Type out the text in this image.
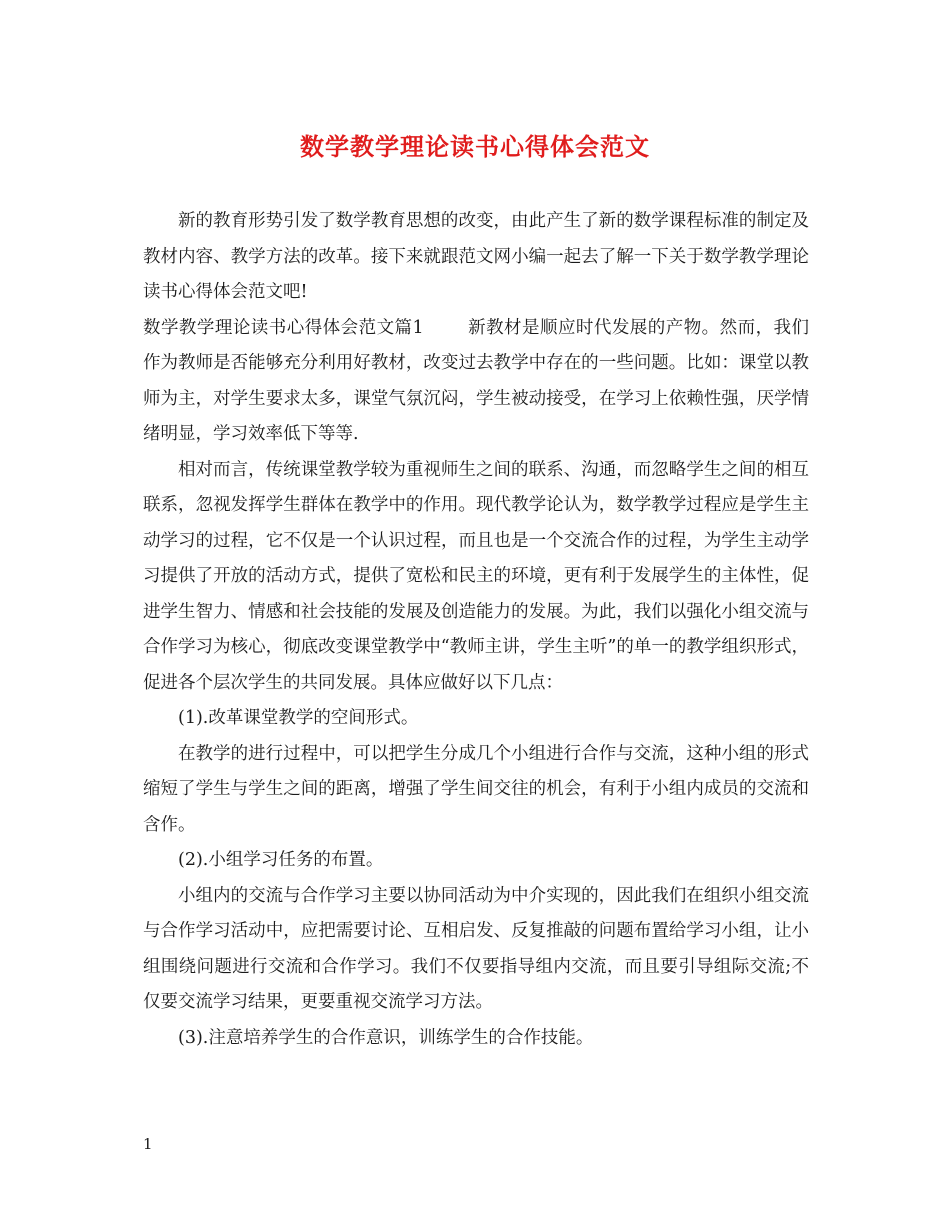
数学教学理论读书心得体会范文

新的教育形势引发了数学教育思想的改变，由此产生了新的数学课程标准的制定及教材内容、教学方法的改革。接下来就跟范文网小编一起去了解一下关于数学教学理论读书心得体会范文吧!

数学教学理论读书心得体会范文篇1	新教材是顺应时代发展的产物。然而，我们作为教师是否能够充分利用好教材，改变过去教学中存在的一些问题。比如：课堂以教师为主，对学生要求太多，课堂气氛沉闷，学生被动接受，在学习上依赖性强，厌学情绪明显，学习效率低下等等.

相对而言，传统课堂教学较为重视师生之间的联系、沟通，而忽略学生之间的相互联系，忽视发挥学生群体在教学中的作用。现代教学论认为，数学教学过程应是学生主动学习的过程，它不仅是一个认识过程，而且也是一个交流合作的过程，为学生主动学习提供了开放的活动方式，提供了宽松和民主的环境，更有利于发展学生的主体性，促进学生智力、情感和社会技能的发展及创造能力的发展。为此，我们以强化小组交流与合作学习为核心，彻底改变课堂教学中“教师主讲，学生主听”的单一的教学组织形式，促进各个层次学生的共同发展。具体应做好以下几点：

(1).改革课堂教学的空间形式。

在教学的进行过程中，可以把学生分成几个小组进行合作与交流，这种小组的形式缩短了学生与学生之间的距离，增强了学生间交往的机会，有利于小组内成员的交流和含作。

(2).小组学习任务的布置。

小组内的交流与合作学习主要以协同活动为中介实现的，因此我们在组织小组交流与合作学习活动中，应把需要讨论、互相启发、反复推敲的问题布置给学习小组，让小组围绕问题进行交流和合作学习。我们不仅要指导组内交流，而且要引导组际交流;不仅要交流学习结果，更要重视交流学习方法。

(3).注意培养学生的合作意识，训练学生的合作技能。

1
